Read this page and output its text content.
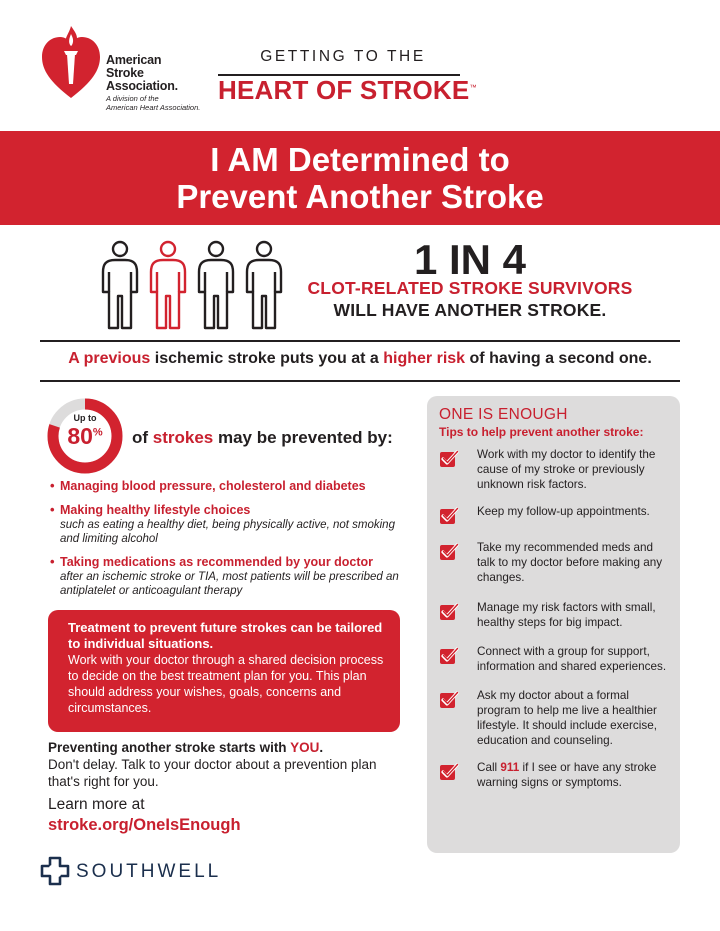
American
Stroke
Association.
A division of the
American Heart Association.
GETTING TO THE
HEART OF STROKE™
I AM Determined to
Prevent Another Stroke
1 IN 4
CLOT-RELATED STROKE SURVIVORS
WILL HAVE ANOTHER STROKE.
A previous ischemic stroke puts you at a higher risk of having a second one.
Up to
80%	of strokes may be prevented by:
• Managing blood pressure, cholesterol and diabetes
• Making healthy lifestyle choices
such as eating a healthy diet, being physically active, not smoking and limiting alcohol
• Taking medications as recommended by your doctor
after an ischemic stroke or TIA, most patients will be prescribed an antiplatelet or anticoagulant therapy
Treatment to prevent future strokes can be tailored to individual situations.
Work with your doctor through a shared decision process to decide on the best treatment plan for you. This plan should address your wishes, goals, concerns and circumstances.
Preventing another stroke starts with YOU.
Don't delay. Talk to your doctor about a prevention plan that's right for you.
Learn more at
stroke.org/OneIsEnough
SOUTHWELL
ONE IS ENOUGH
Tips to help prevent another stroke:
Work with my doctor to identify the cause of my stroke or previously unknown risk factors.
Keep my follow-up appointments.
Take my recommended meds and talk to my doctor before making any changes.
Manage my risk factors with small, healthy steps for big impact.
Connect with a group for support, information and shared experiences.
Ask my doctor about a formal program to help me live a healthier lifestyle. It should include exercise, education and counseling.
Call 911 if I see or have any stroke warning signs or symptoms.
